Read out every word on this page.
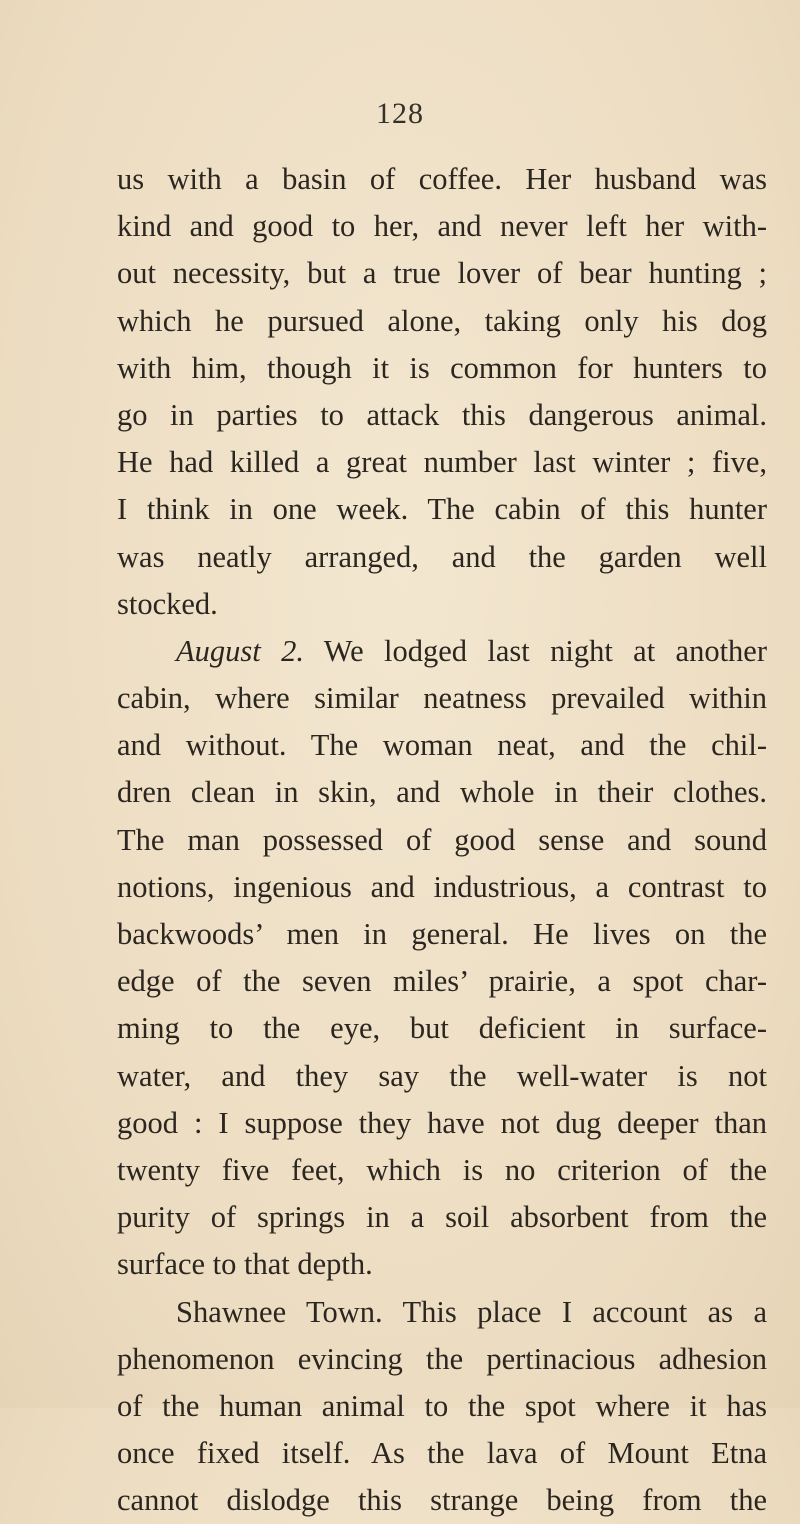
128
us with a basin of coffee. Her husband was
kind and good to her, and never left her with-
out necessity, but a true lover of bear hunting ;
which he pursued alone, taking only his dog
with him, though it is common for hunters to
go in parties to attack this dangerous animal.
He had killed a great number last winter ; five,
I think in one week. The cabin of this hunter
was neatly arranged, and the garden well
stocked.
August 2. We lodged last night at another
cabin, where similar neatness prevailed within
and without. The woman neat, and the chil-
dren clean in skin, and whole in their clothes.
The man possessed of good sense and sound
notions, ingenious and industrious, a contrast to
backwoods’ men in general. He lives on the
edge of the seven miles’ prairie, a spot char-
ming to the eye, but deficient in surface-
water, and they say the well-water is not
good : I suppose they have not dug deeper than
twenty five feet, which is no criterion of the
purity of springs in a soil absorbent from the
surface to that depth.
Shawnee Town. This place I account as a
phenomenon evincing the pertinacious adhesion
of the human animal to the spot where it has
once fixed itself. As the lava of Mount Etna
cannot dislodge this strange being from the
